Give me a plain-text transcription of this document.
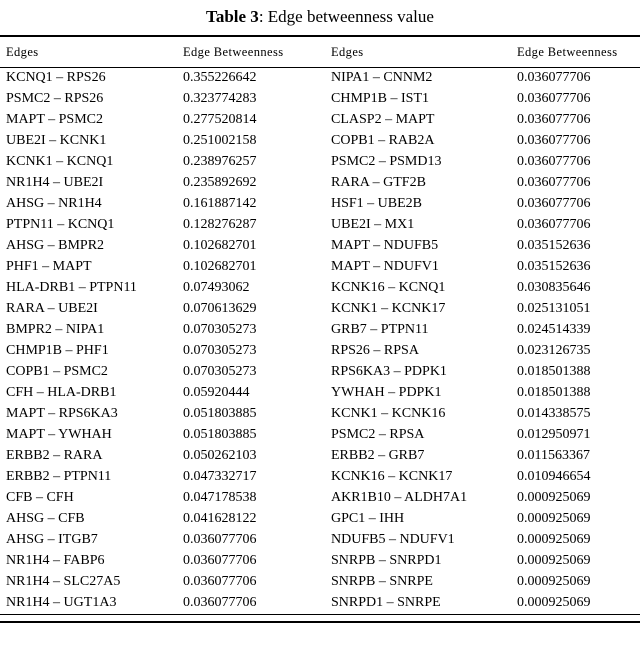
Table 3: Edge betweenness value
Edges	Edge Betweenness	Edges	Edge Betweenness
KCNQ1 – RPS26	0.355226642	NIPA1 – CNNM2	0.036077706
PSMC2 – RPS26	0.323774283	CHMP1B – IST1	0.036077706
MAPT – PSMC2	0.277520814	CLASP2 – MAPT	0.036077706
UBE2I – KCNK1	0.251002158	COPB1 – RAB2A	0.036077706
KCNK1 – KCNQ1	0.238976257	PSMC2 – PSMD13	0.036077706
NR1H4 – UBE2I	0.235892692	RARA – GTF2B	0.036077706
AHSG – NR1H4	0.161887142	HSF1 – UBE2B	0.036077706
PTPN11 – KCNQ1	0.128276287	UBE2I – MX1	0.036077706
AHSG – BMPR2	0.102682701	MAPT – NDUFB5	0.035152636
PHF1 – MAPT	0.102682701	MAPT – NDUFV1	0.035152636
HLA-DRB1 – PTPN11	0.07493062	KCNK16 – KCNQ1	0.030835646
RARA – UBE2I	0.070613629	KCNK1 – KCNK17	0.025131051
BMPR2 – NIPA1	0.070305273	GRB7 – PTPN11	0.024514339
CHMP1B – PHF1	0.070305273	RPS26 – RPSA	0.023126735
COPB1 – PSMC2	0.070305273	RPS6KA3 – PDPK1	0.018501388
CFH – HLA-DRB1	0.05920444	YWHAH – PDPK1	0.018501388
MAPT – RPS6KA3	0.051803885	KCNK1 – KCNK16	0.014338575
MAPT – YWHAH	0.051803885	PSMC2 – RPSA	0.012950971
ERBB2 – RARA	0.050262103	ERBB2 – GRB7	0.011563367
ERBB2 – PTPN11	0.047332717	KCNK16 – KCNK17	0.010946654
CFB – CFH	0.047178538	AKR1B10 – ALDH7A1	0.000925069
AHSG – CFB	0.041628122	GPC1 – IHH	0.000925069
AHSG – ITGB7	0.036077706	NDUFB5 – NDUFV1	0.000925069
NR1H4 – FABP6	0.036077706	SNRPB – SNRPD1	0.000925069
NR1H4 – SLC27A5	0.036077706	SNRPB – SNRPE	0.000925069
NR1H4 – UGT1A3	0.036077706	SNRPD1 – SNRPE	0.000925069
